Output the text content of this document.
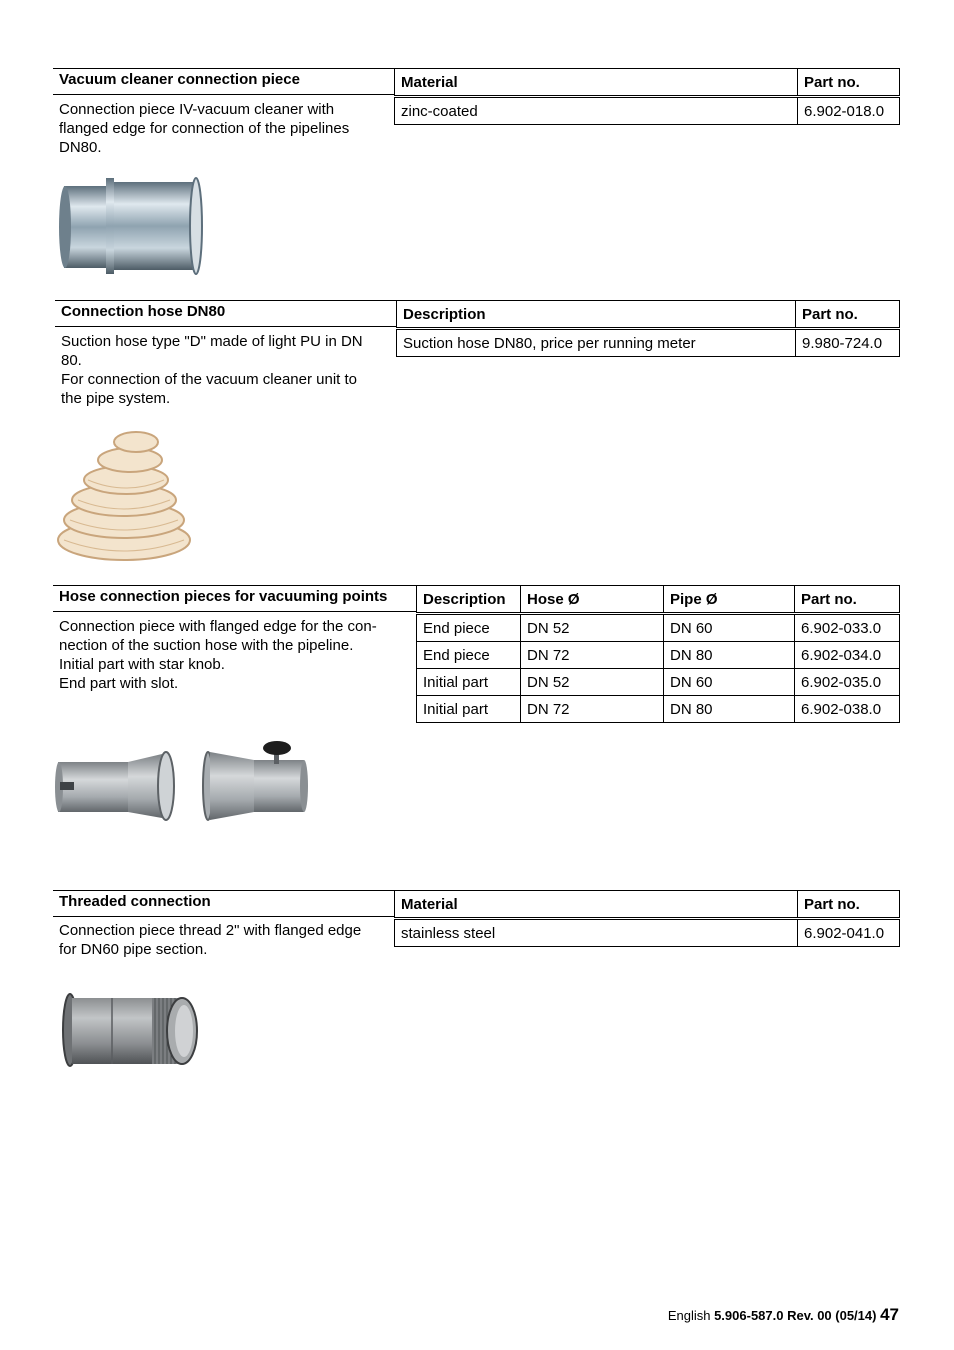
Vacuum cleaner connection piece
Connection piece IV-vacuum cleaner with
flanged edge for connection of the pipelines
DN80.
Material	Part no.
zinc-coated	6.902-018.0
Connection hose DN80
Suction hose type "D" made of light PU in DN
80.
For connection of the vacuum cleaner unit to
the pipe system.
Description	Part no.
Suction hose DN80, price per running meter	9.980-724.0
Hose connection pieces for vacuuming points
Connection piece with flanged edge for the con-
nection of the suction hose with the pipeline.
Initial part with star knob.
End part with slot.
Description	Hose Ø	Pipe Ø	Part no.
End piece	DN 52	DN 60	6.902-033.0
End piece	DN 72	DN 80	6.902-034.0
Initial part	DN 52	DN 60	6.902-035.0
Initial part	DN 72	DN 80	6.902-038.0
Threaded connection
Connection piece thread 2" with flanged edge
for DN60 pipe section.
Material	Part no.
stainless steel	6.902-041.0
English 5.906-587.0 Rev. 00 (05/14) 47
